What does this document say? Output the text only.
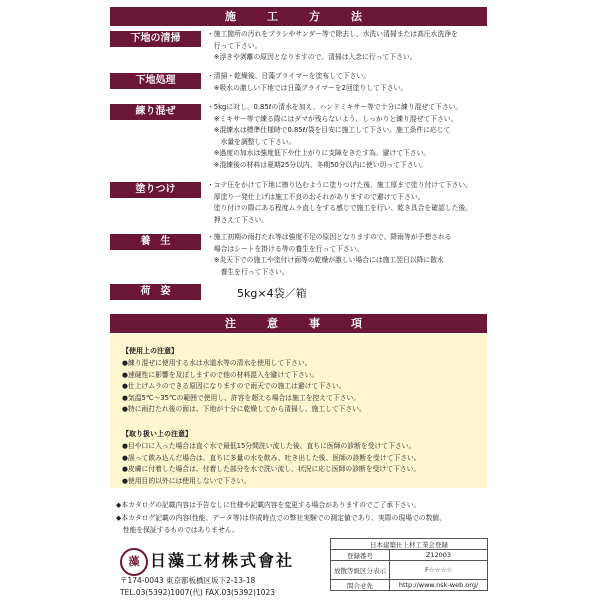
施　工　方　法
下地の清掃	・施工箇所の汚れをブラシやサンダー等で除去し、水洗い清掃または高圧水洗浄を
　行って下さい。
　※浮きや剥離の原因となりますので、清掃は入念に行って下さい。
下地処理	・清掃・乾燥後、日藻プライマーを塗布して下さい。
　※吸水の激しい下地では日藻プライマーを2回塗りして下さい。
練り混ぜ	・5kgに対し、0.85ℓの清水を加え、ハンドミキサー等で十分に練り混ぜて下さい。
　※ミキサー等で練る際にはダマが残らないよう、しっかりと練り混ぜて下さい。
　※混練水は標準仕様時で0.85ℓ/袋を目安に施工して下さい。施工条件に応じて
　　水量を調整して下さい。
　※過度の加水は強度低下や仕上がりに支障をきたす為、避けて下さい。
　※混練後の材料は夏期25分以内、冬期50分以内に使い切って下さい。
塗りつけ	・コテ圧をかけて下地に擦り込むように塗りつけた後、施工厚まで塗り付けて下さい。
　厚塗り一発仕上げは施工不良のおそれがありますので避けて下さい。
　塗り付けの際にある程度ムラ直しをする感じで施工を行い、乾き具合を確認した後、
　押さえて下さい。
養　生	・施工初期の雨打たれ等は強度不足の原因となりますので、降雨等が予想される
　場合はシートを掛ける等の養生を行って下さい。
　※炎天下での施工や塗付け面等の乾燥が激しい場合には施工翌日以降に散水
　　養生を行って下さい。
荷　姿	5kg×4袋／箱
注　意　事　項
【使用上の注意】
●練り混ぜに使用する水は水道水等の清水を使用して下さい。
●速硬性に影響を及ぼしますので他の材料混入を避けて下さい。
●仕上げムラのできる原因になりますので雨天での施工は避けて下さい。
●気温5℃～35℃の範囲で使用し、許容を超える場合は施工を控えて下さい。
●特に雨打たれ後の面は、下地が十分に乾燥してから清掃し、施工して下さい。
【取り扱い上の注意】
●目や口に入った場合は直ぐ水で最低15分間洗い流した後、直ちに医師の診断を受けて下さい。
●誤って飲み込んだ場合は、直ちに多量の水を飲み、吐き出した後、医師の診断を受けて下さい。
●皮膚に付着した場合は、付着した部分を水で洗い流し、状況に応じ医師の診断を受けて下さい。
●使用目的以外には使用しないで下さい。
◆本カタログの記載内容は予告なしに仕様や記載内容を変更する場合がありますのでご了承下さい。
◆本カタログ記載の内容(性能、データ等)は作成時点での弊社実験での測定値であり、実際の現場での数値、
　性能を保証するものではありません。
藻 日藻工材株式會社
〒174-0043 東京都板橋区坂下2-13-18
TEL.03(5392)1007(代) FAX.03(5392)1023
日本建築仕上材工業会登録	
登録番号	Z12003
放散等級区分表示	F☆☆☆☆
問合せ先	http://www.nsk-web.org/
